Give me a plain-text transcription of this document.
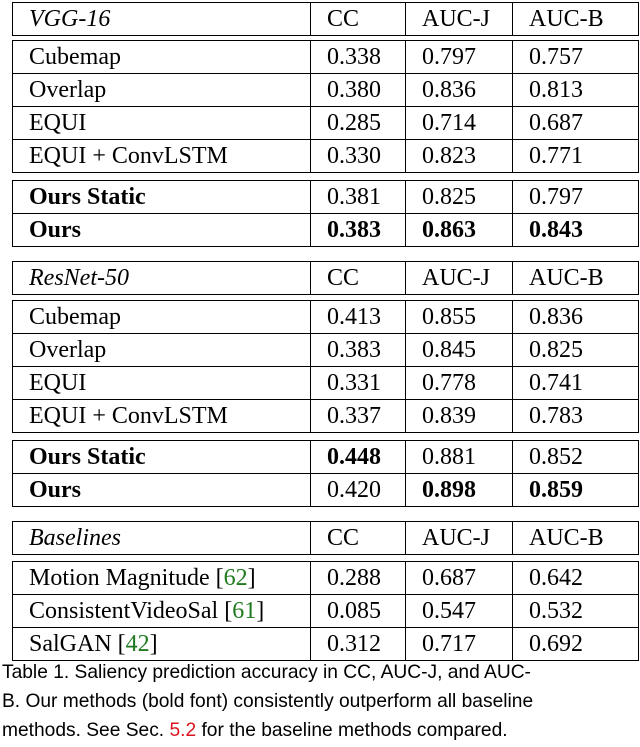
VGG-16	CC	AUC-J	AUC-B
Cubemap	0.338	0.797	0.757
Overlap	0.380	0.836	0.813
EQUI	0.285	0.714	0.687
EQUI + ConvLSTM	0.330	0.823	0.771
Ours Static	0.381	0.825	0.797
Ours	0.383	0.863	0.843
ResNet-50	CC	AUC-J	AUC-B
Cubemap	0.413	0.855	0.836
Overlap	0.383	0.845	0.825
EQUI	0.331	0.778	0.741
EQUI + ConvLSTM	0.337	0.839	0.783
Ours Static	0.448	0.881	0.852
Ours	0.420	0.898	0.859
Baselines	CC	AUC-J	AUC-B
Motion Magnitude [62]	0.288	0.687	0.642
ConsistentVideoSal [61]	0.085	0.547	0.532
SalGAN [42]	0.312	0.717	0.692

Table 1. Saliency prediction accuracy in CC, AUC-J, and AUC-
B. Our methods (bold font) consistently outperform all baseline
methods. See Sec. 5.2 for the baseline methods compared.
